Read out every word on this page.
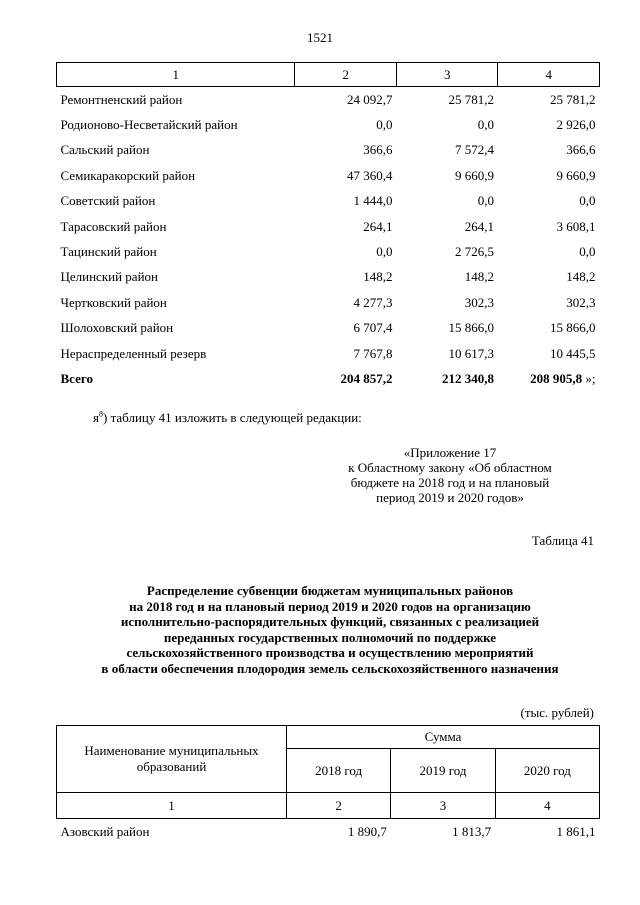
1521
1	2	3	4
Ремонтненский район	24 092,7	25 781,2	25 781,2
Родионово-Несветайский район	0,0	0,0	2 926,0
Сальский район	366,6	7 572,4	366,6
Семикаракорский район	47 360,4	9 660,9	9 660,9
Советский район	1 444,0	0,0	0,0
Тарасовский район	264,1	264,1	3 608,1
Тацинский район	0,0	2 726,5	0,0
Целинский район	148,2	148,2	148,2
Чертковский район	4 277,3	302,3	302,3
Шолоховский район	6 707,4	15 866,0	15 866,0
Нераспределенный резерв	7 767,8	10 617,3	10 445,5
Всего	204 857,2	212 340,8	208 905,8 »;
$я^8$) таблицу 41 изложить в следующей редакции:
«Приложение 17
к Областному закону «Об областном
бюджете на 2018 год и на плановый
период 2019 и 2020 годов»
Таблица 41
Распределение субвенции бюджетам муниципальных районов
на 2018 год и на плановый период 2019 и 2020 годов на организацию
исполнительно-распорядительных функций, связанных с реализацией
переданных государственных полномочий по поддержке
сельскохозяйственного производства и осуществлению мероприятий
в области обеспечения плодородия земель сельскохозяйственного назначения
(тыс. рублей)
Наименование муниципальных
образований	Сумма		
	2018 год	2019 год	2020 год
1	2	3	4
Азовский район	1 890,7	1 813,7	1 861,1
